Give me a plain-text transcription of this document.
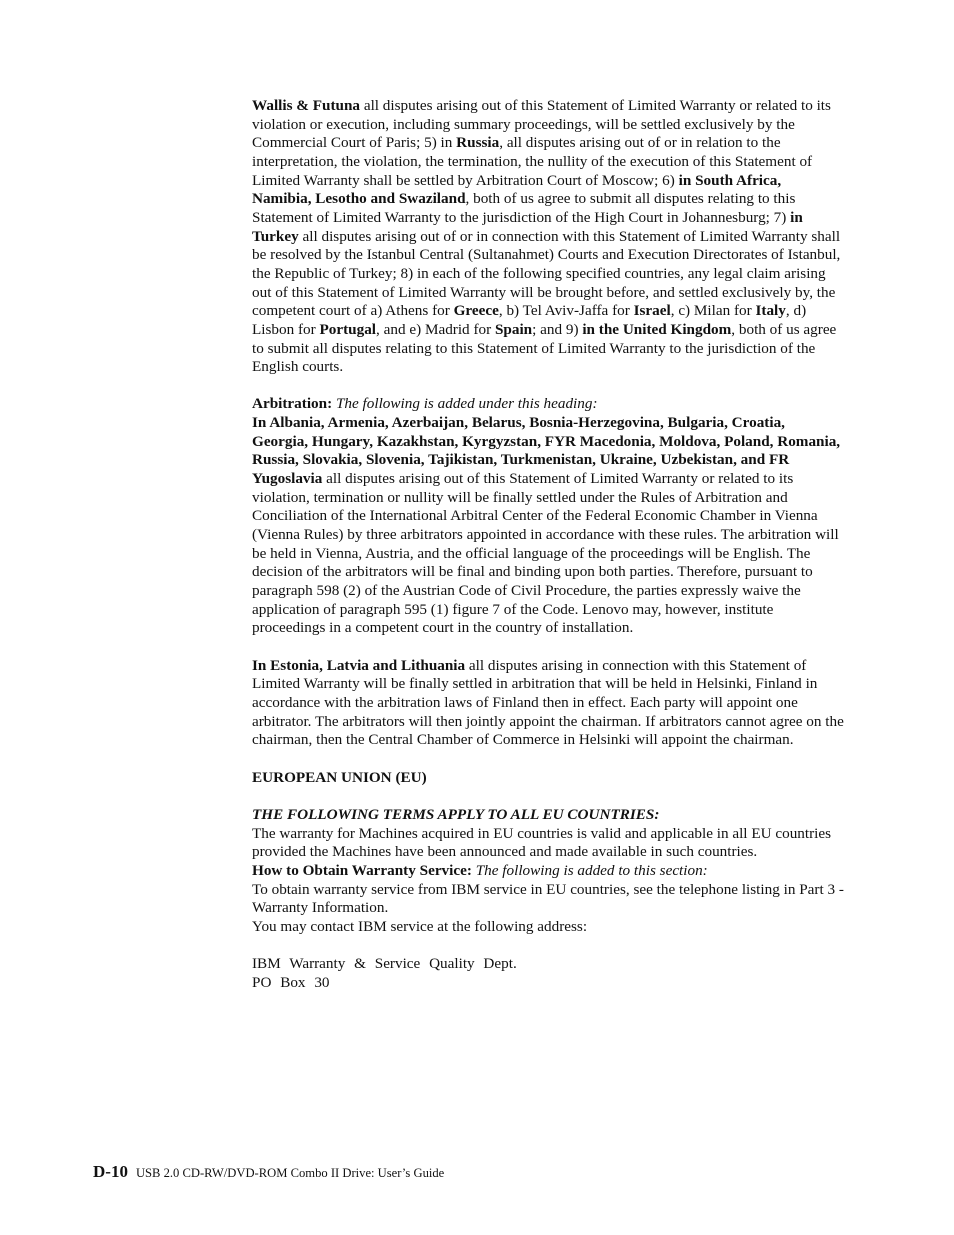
Wallis & Futuna all disputes arising out of this Statement of Limited Warranty or related to its violation or execution, including summary proceedings, will be settled exclusively by the Commercial Court of Paris; 5) in Russia, all disputes arising out of or in relation to the interpretation, the violation, the termination, the nullity of the execution of this Statement of Limited Warranty shall be settled by Arbitration Court of Moscow; 6) in South Africa, Namibia, Lesotho and Swaziland, both of us agree to submit all disputes relating to this Statement of Limited Warranty to the jurisdiction of the High Court in Johannesburg; 7) in Turkey all disputes arising out of or in connection with this Statement of Limited Warranty shall be resolved by the Istanbul Central (Sultanahmet) Courts and Execution Directorates of Istanbul, the Republic of Turkey; 8) in each of the following specified countries, any legal claim arising out of this Statement of Limited Warranty will be brought before, and settled exclusively by, the competent court of a) Athens for Greece, b) Tel Aviv-Jaffa for Israel, c) Milan for Italy, d) Lisbon for Portugal, and e) Madrid for Spain; and 9) in the United Kingdom, both of us agree to submit all disputes relating to this Statement of Limited Warranty to the jurisdiction of the English courts.

Arbitration: The following is added under this heading:

In Albania, Armenia, Azerbaijan, Belarus, Bosnia-Herzegovina, Bulgaria, Croatia, Georgia, Hungary, Kazakhstan, Kyrgyzstan, FYR Macedonia, Moldova, Poland, Romania, Russia, Slovakia, Slovenia, Tajikistan, Turkmenistan, Ukraine, Uzbekistan, and FR Yugoslavia all disputes arising out of this Statement of Limited Warranty or related to its violation, termination or nullity will be finally settled under the Rules of Arbitration and Conciliation of the International Arbitral Center of the Federal Economic Chamber in Vienna (Vienna Rules) by three arbitrators appointed in accordance with these rules. The arbitration will be held in Vienna, Austria, and the official language of the proceedings will be English. The decision of the arbitrators will be final and binding upon both parties. Therefore, pursuant to paragraph 598 (2) of the Austrian Code of Civil Procedure, the parties expressly waive the application of paragraph 595 (1) figure 7 of the Code. Lenovo may, however, institute proceedings in a competent court in the country of installation.

In Estonia, Latvia and Lithuania all disputes arising in connection with this Statement of Limited Warranty will be finally settled in arbitration that will be held in Helsinki, Finland in accordance with the arbitration laws of Finland then in effect. Each party will appoint one arbitrator. The arbitrators will then jointly appoint the chairman. If arbitrators cannot agree on the chairman, then the Central Chamber of Commerce in Helsinki will appoint the chairman.

EUROPEAN UNION (EU)

THE FOLLOWING TERMS APPLY TO ALL EU COUNTRIES:

The warranty for Machines acquired in EU countries is valid and applicable in all EU countries provided the Machines have been announced and made available in such countries.

How to Obtain Warranty Service: The following is added to this section:

To obtain warranty service from IBM service in EU countries, see the telephone listing in Part 3 - Warranty Information.

You may contact IBM service at the following address:

IBM Warranty & Service Quality Dept.

PO Box 30

D-10 USB 2.0 CD-RW/DVD-ROM Combo II Drive: User’s Guide
